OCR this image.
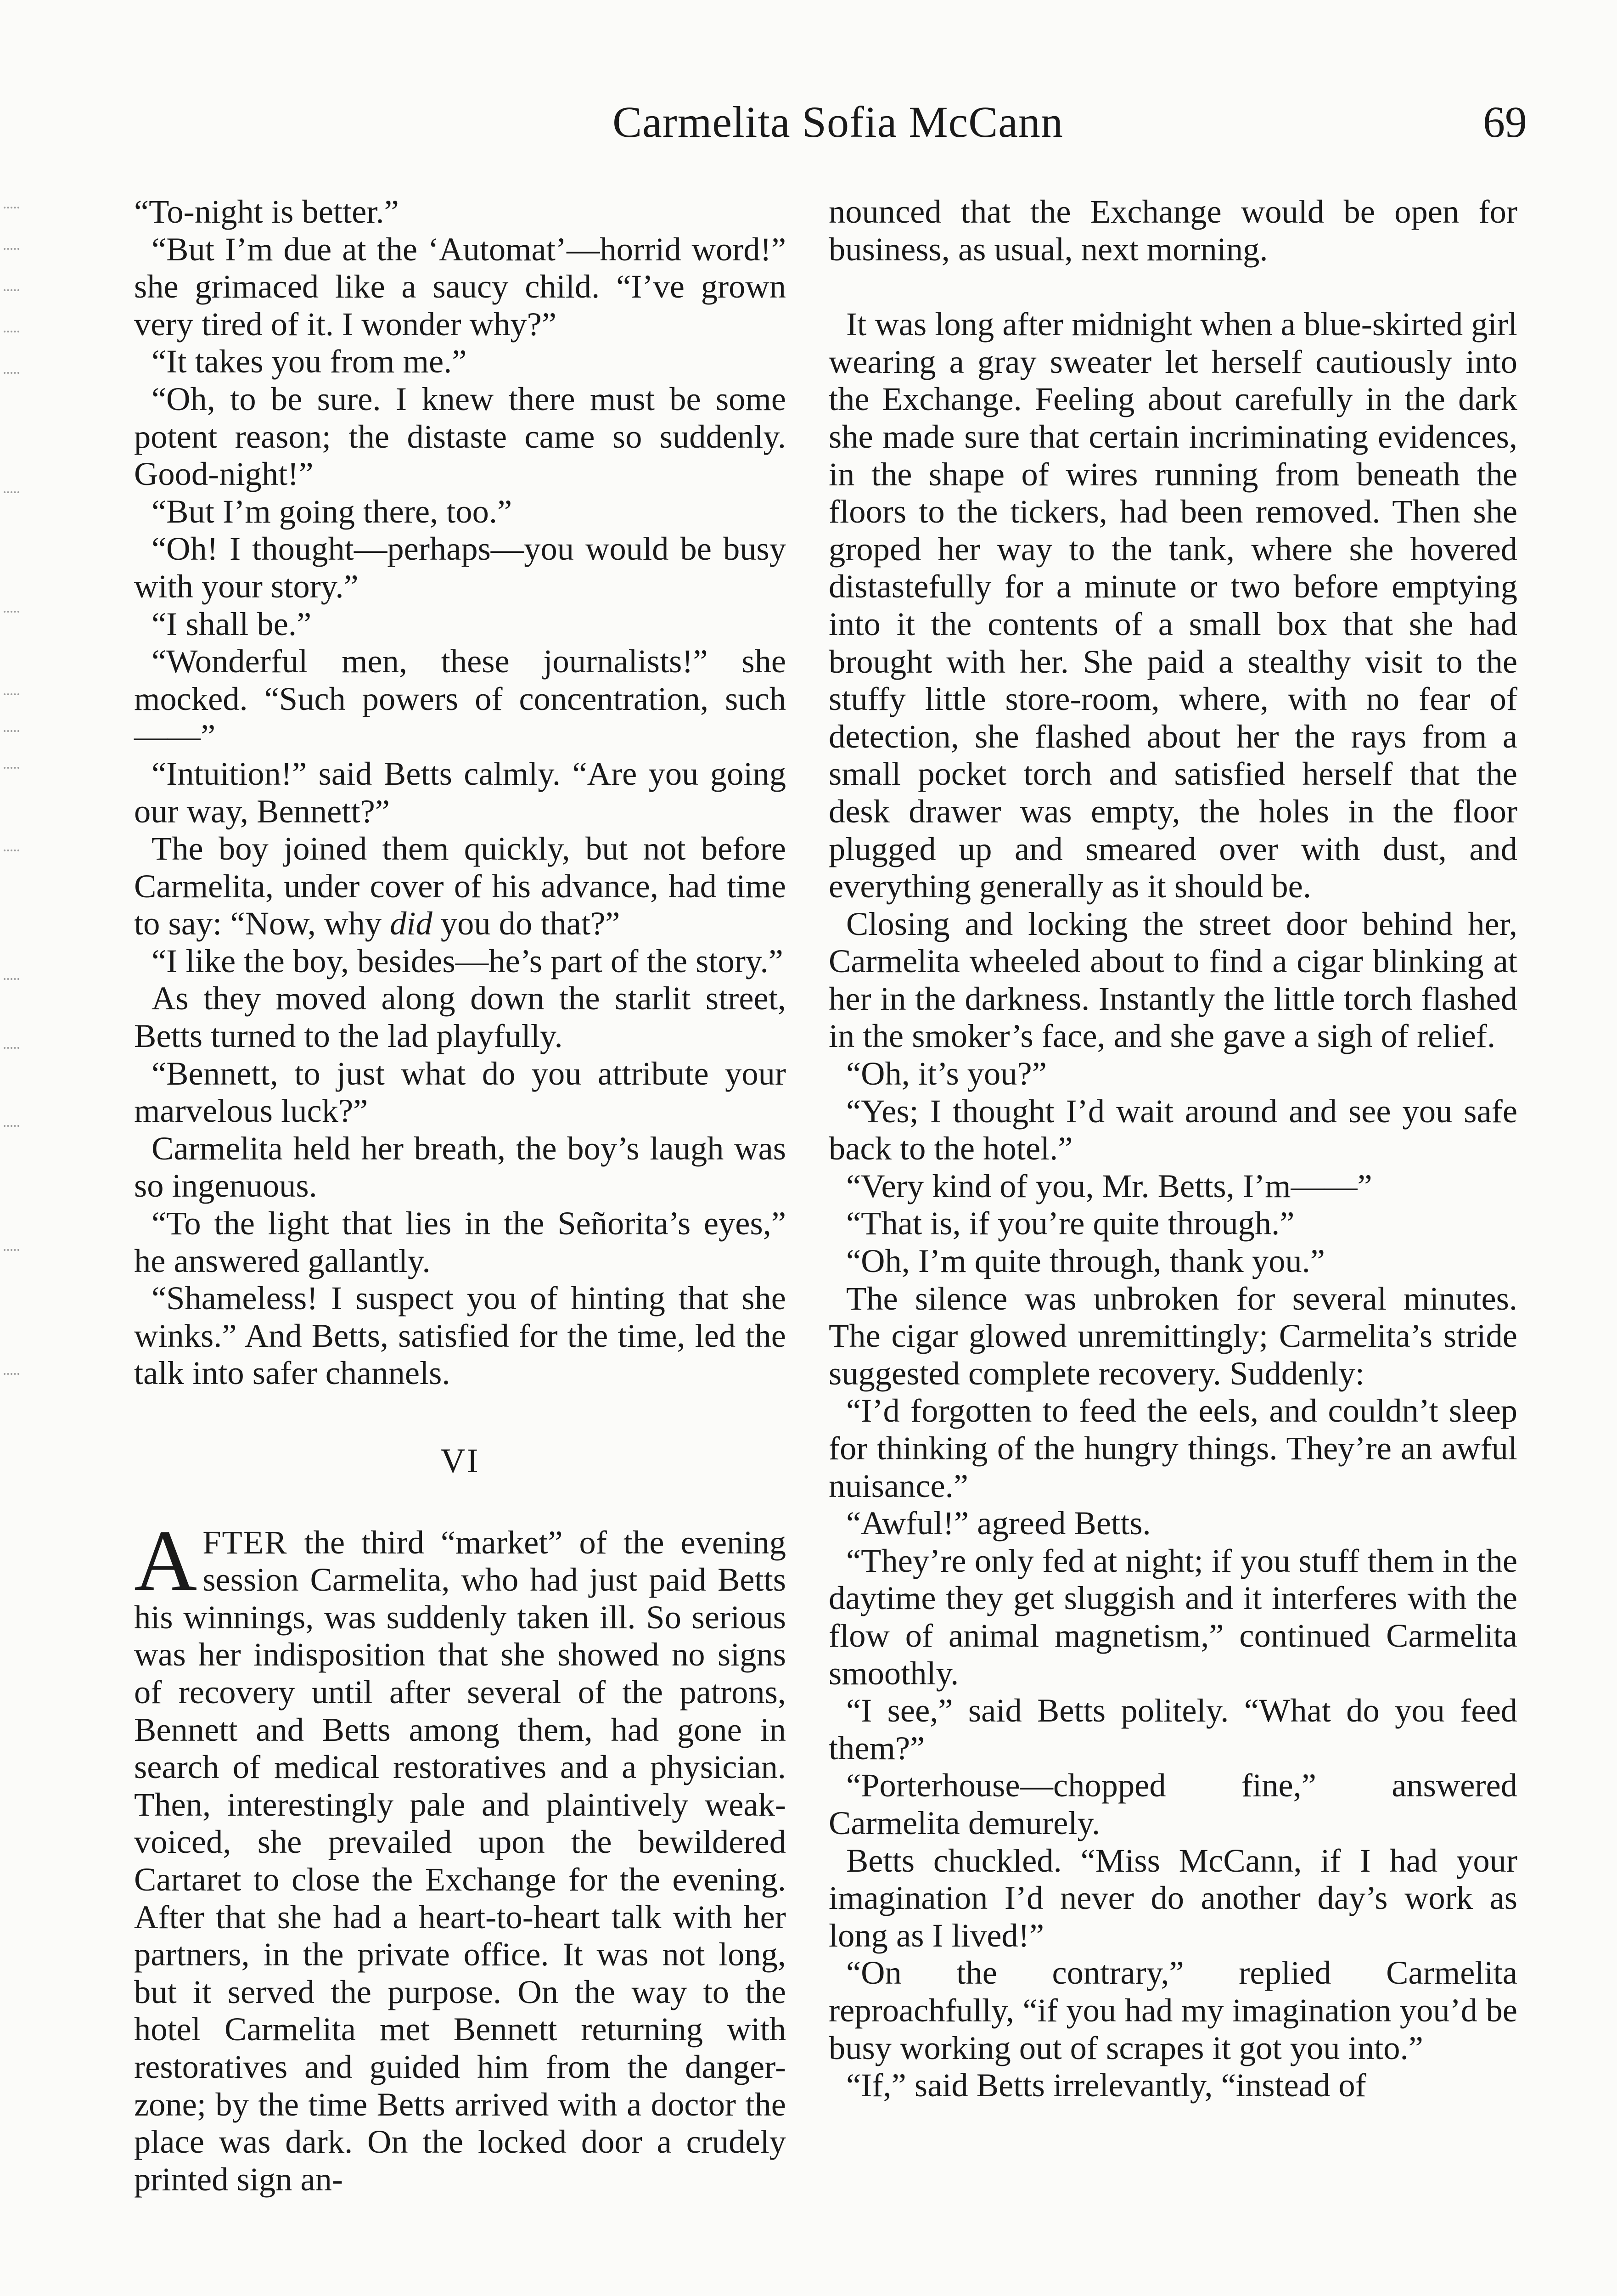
Carmelita Sofia McCann	69

“To-night is better.”

“But I’m due at the ‘Automat’—horrid word!” she grimaced like a saucy child. “I’ve grown very tired of it. I wonder why?”

“It takes you from me.”

“Oh, to be sure. I knew there must be some potent reason; the distaste came so suddenly. Good-night!”

“But I’m going there, too.”

“Oh! I thought—perhaps—you would be busy with your story.”

“I shall be.”

“Wonderful men, these journalists!” she mocked. “Such powers of concentration, such——”

“Intuition!” said Betts calmly. “Are you going our way, Bennett?”

The boy joined them quickly, but not before Carmelita, under cover of his advance, had time to say: “Now, why did you do that?”

“I like the boy, besides—he’s part of the story.”

As they moved along down the starlit street, Betts turned to the lad playfully.

“Bennett, to just what do you attribute your marvelous luck?”

Carmelita held her breath, the boy’s laugh was so ingenuous.

“To the light that lies in the Señorita’s eyes,” he answered gallantly.

“Shameless! I suspect you of hinting that she winks.” And Betts, satisfied for the time, led the talk into safer channels.

VI

AFTER the third “market” of the evening session Carmelita, who had just paid Betts his winnings, was suddenly taken ill. So serious was her indisposition that she showed no signs of recovery until after several of the patrons, Bennett and Betts among them, had gone in search of medical restoratives and a physician. Then, interestingly pale and plaintively weak-voiced, she prevailed upon the bewildered Cartaret to close the Exchange for the evening. After that she had a heart-to-heart talk with her partners, in the private office. It was not long, but it served the purpose. On the way to the hotel Carmelita met Bennett returning with restoratives and guided him from the danger-zone; by the time Betts arrived with a doctor the place was dark. On the locked door a crudely printed sign an-

nounced that the Exchange would be open for business, as usual, next morning.

It was long after midnight when a blue-skirted girl wearing a gray sweater let herself cautiously into the Exchange. Feeling about carefully in the dark she made sure that certain incriminating evidences, in the shape of wires running from beneath the floors to the tickers, had been removed. Then she groped her way to the tank, where she hovered distastefully for a minute or two before emptying into it the contents of a small box that she had brought with her. She paid a stealthy visit to the stuffy little store-room, where, with no fear of detection, she flashed about her the rays from a small pocket torch and satisfied herself that the desk drawer was empty, the holes in the floor plugged up and smeared over with dust, and everything generally as it should be.

Closing and locking the street door behind her, Carmelita wheeled about to find a cigar blinking at her in the darkness. Instantly the little torch flashed in the smoker’s face, and she gave a sigh of relief.

“Oh, it’s you?”

“Yes; I thought I’d wait around and see you safe back to the hotel.”

“Very kind of you, Mr. Betts, I’m——”

“That is, if you’re quite through.”

“Oh, I’m quite through, thank you.”

The silence was unbroken for several minutes. The cigar glowed unremittingly; Carmelita’s stride suggested complete recovery. Suddenly:

“I’d forgotten to feed the eels, and couldn’t sleep for thinking of the hungry things. They’re an awful nuisance.”

“Awful!” agreed Betts.

“They’re only fed at night; if you stuff them in the daytime they get sluggish and it interferes with the flow of animal magnetism,” continued Carmelita smoothly.

“I see,” said Betts politely. “What do you feed them?”

“Porterhouse—chopped fine,” answered Carmelita demurely.

Betts chuckled. “Miss McCann, if I had your imagination I’d never do another day’s work as long as I lived!”

“On the contrary,” replied Carmelita reproachfully, “if you had my imagination you’d be busy working out of scrapes it got you into.”

“If,” said Betts irrelevantly, “instead of
